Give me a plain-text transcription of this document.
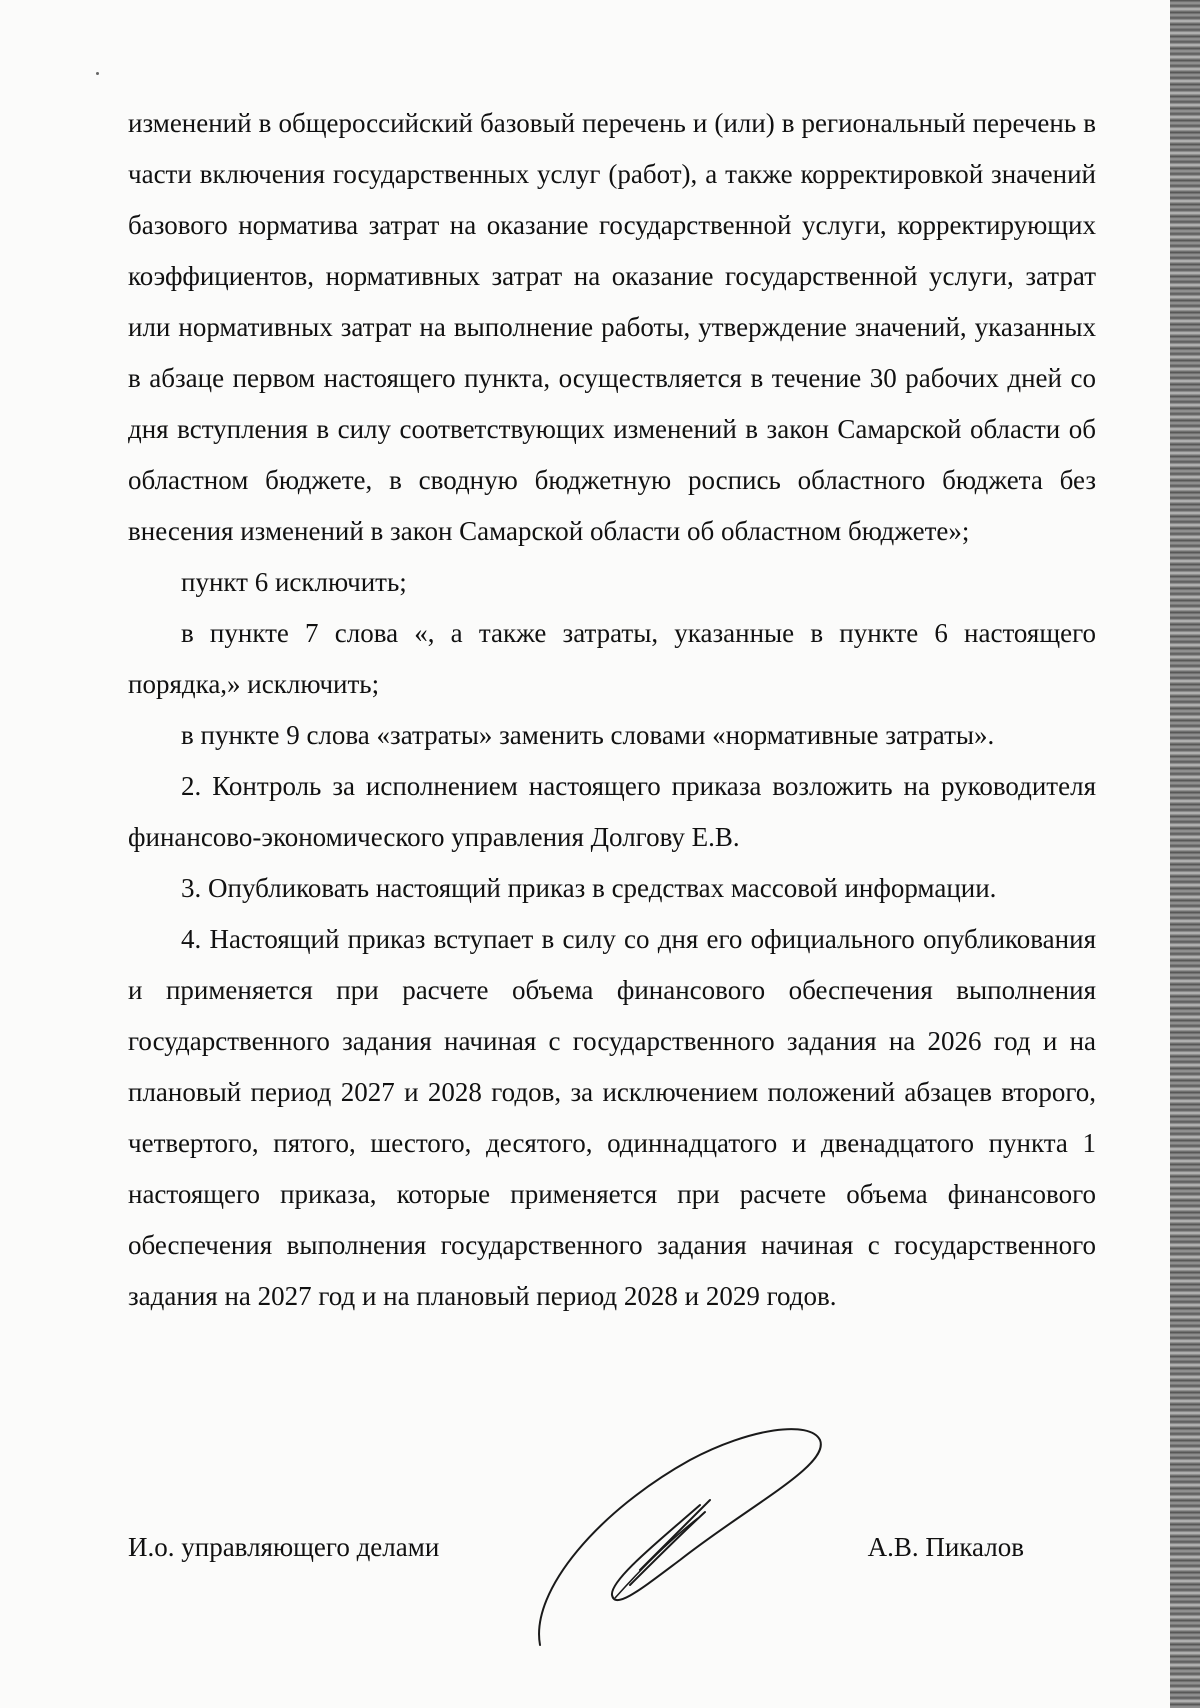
изменений в общероссийский базовый перечень и (или) в региональный перечень в части включения государственных услуг (работ), а также корректировкой значений базового норматива затрат на оказание государственной услуги, корректирующих коэффициентов, нормативных затрат на оказание государственной услуги, затрат или нормативных затрат на выполнение работы, утверждение значений, указанных в абзаце первом настоящего пункта, осуществляется в течение 30 рабочих дней со дня вступления в силу соответствующих изменений в закон Самарской области об областном бюджете, в сводную бюджетную роспись областного бюджета без внесения изменений в закон Самарской области об областном бюджете»;

пункт 6 исключить;

в пункте 7 слова «, а также затраты, указанные в пункте 6 настоящего порядка,» исключить;

в пункте 9 слова «затраты» заменить словами «нормативные затраты».

2. Контроль за исполнением настоящего приказа возложить на руководителя финансово-экономического управления Долгову Е.В.

3. Опубликовать настоящий приказ в средствах массовой информации.

4. Настоящий приказ вступает в силу со дня его официального опубликования и применяется при расчете объема финансового обеспечения выполнения государственного задания начиная с государственного задания на 2026 год и на плановый период 2027 и 2028 годов, за исключением положений абзацев второго, четвертого, пятого, шестого, десятого, одиннадцатого и двенадцатого пункта 1 настоящего приказа, которые применяется при расчете объема финансового обеспечения выполнения государственного задания начиная с государственного задания на 2027 год и на плановый период 2028 и 2029 годов.

И.о. управляющего делами	А.В. Пикалов
